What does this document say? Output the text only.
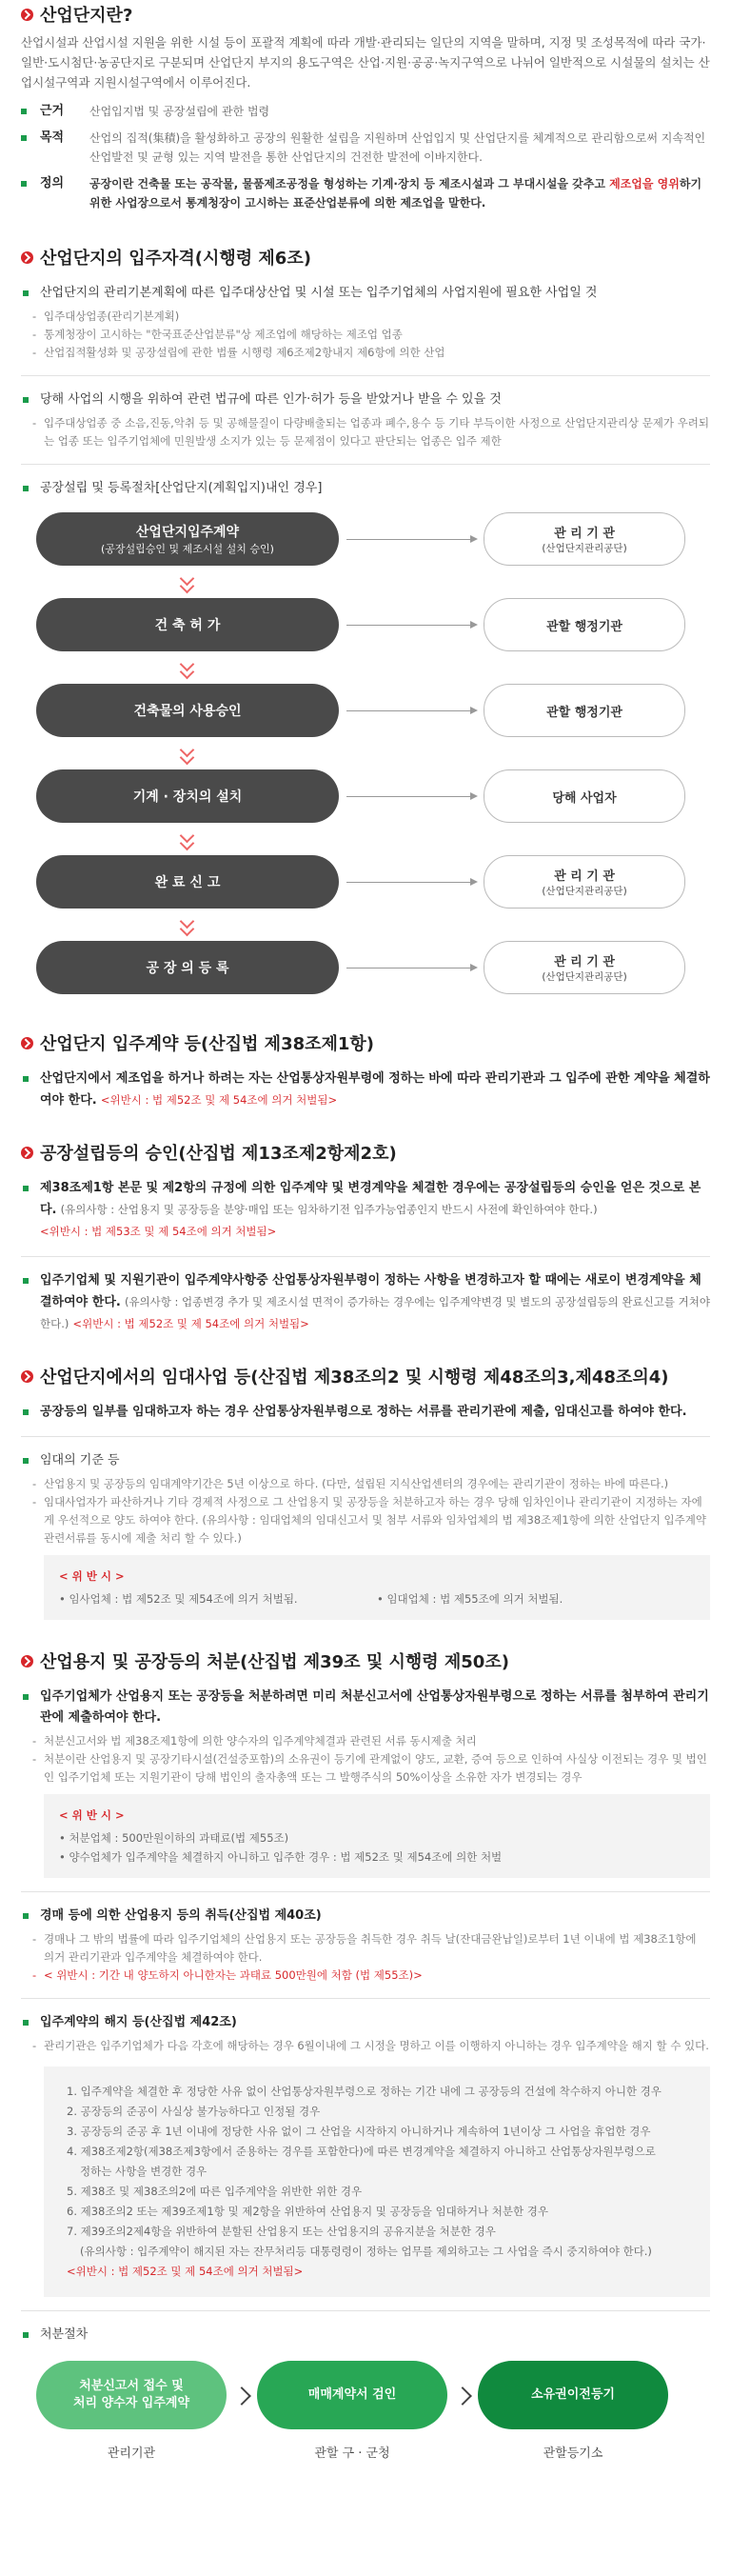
산업단지란?
산업시설과 산업시설 지원을 위한 시설 등이 포괄적 계획에 따라 개발·관리되는 일단의 지역을 말하며, 지정 및 조성목적에 따라 국가·일반·도시첨단·농공단지로 구분되며 산업단지 부지의 용도구역은 산업·지원·공공·녹지구역으로 나뉘어 일반적으로 시설물의 설치는 산업시설구역과 지원시설구역에서 이루어진다.
근거	산업입지법 및 공장설립에 관한 법령
목적	산업의 집적(集積)을 활성화하고 공장의 원활한 설립을 지원하며 산업입지 및 산업단지를 체계적으로 관리함으로써 지속적인 산업발전 및 균형 있는 지역 발전을 통한 산업단지의 건전한 발전에 이바지한다.
정의	공장이란 건축물 또는 공작물, 물품제조공정을 형성하는 기계·장치 등 제조시설과 그 부대시설을 갖추고 제조업을 영위하기 위한 사업장으로서 통계청장이 고시하는 표준산업분류에 의한 제조업을 말한다.
산업단지의 입주자격(시행령 제6조)
산업단지의 관리기본계획에 따른 입주대상산업 및 시설 또는 입주기업체의 사업지원에 필요한 사업일 것
- 입주대상업종(관리기본계획)
- 통계청장이 고시하는 "한국표준산업분류"상 제조업에 해당하는 제조업 업종
- 산업집적활성화 및 공장설립에 관한 법률 시행령 제6조제2항내지 제6항에 의한 산업
당해 사업의 시행을 위하여 관련 법규에 따른 인가·허가 등을 받았거나 받을 수 있을 것
- 입주대상업종 중 소음,진동,악취 등 및 공해물질이 다량배출되는 업종과 폐수,용수 등 기타 부득이한 사정으로 산업단지관리상 문제가 우려되는 업종 또는 입주기업체에 민원발생 소지가 있는 등 문제점이 있다고 판단되는 업종은 입주 제한
공장설립 및 등록절차[산업단지(계획입지)내인 경우]
산업단지입주계약
(공장설립승인 및 제조시설 설치 승인)
관 리 기 관
(산업단지관리공단)
건 축 허 가	관할 행정기관
건축물의 사용승인	관할 행정기관
기계 · 장치의 설치	당해 사업자
완 료 신 고	관 리 기 관
(산업단지관리공단)
공 장 의 등 록	관 리 기 관
(산업단지관리공단)
산업단지 입주계약 등(산집법 제38조제1항)
산업단지에서 제조업을 하거나 하려는 자는 산업통상자원부령에 정하는 바에 따라 관리기관과 그 입주에 관한 계약을 체결하여야 한다. <위반시 : 법 제52조 및 제 54조에 의거 처벌됨>
공장설립등의 승인(산집법 제13조제2항제2호)
제38조제1항 본문 및 제2항의 규정에 의한 입주계약 및 변경계약을 체결한 경우에는 공장설립등의 승인을 얻은 것으로 본다. (유의사항 : 산업용지 및 공장등을 분양·매입 또는 임차하기전 입주가능업종인지 반드시 사전에 확인하여야 한다.)
<위반시 : 법 제53조 및 제 54조에 의거 처벌됨>
입주기업체 및 지원기관이 입주계약사항중 산업통상자원부령이 정하는 사항을 변경하고자 할 때에는 새로이 변경계약을 체결하여야 한다. (유의사항 : 업종변경 추가 및 제조시설 면적이 증가하는 경우에는 입주계약변경 및 별도의 공장설립등의 완료신고를 거쳐야한다.) <위반시 : 법 제52조 및 제 54조에 의거 처벌됨>
산업단지에서의 임대사업 등(산집법 제38조의2 및 시행령 제48조의3,제48조의4)
공장등의 일부를 임대하고자 하는 경우 산업통상자원부령으로 정하는 서류를 관리기관에 제출, 임대신고를 하여야 한다.
임대의 기준 등
- 산업용지 및 공장등의 임대계약기간은 5년 이상으로 하다. (다만, 설립된 지식산업센터의 경우에는 관리기관이 정하는 바에 따른다.)
- 임대사업자가 파산하거나 기타 경제적 사정으로 그 산업용지 및 공장등을 처분하고자 하는 경우 당해 임차인이나 관리기관이 지정하는 자에게 우선적으로 양도 하여야 한다. (유의사항 : 임대업체의 임대신고서 및 첨부 서류와 임차업체의 법 제38조제1항에 의한 산업단지 입주계약관련서류를 동시에 제출 처리 할 수 있다.)
< 위 반 시 >
• 임사업체 : 법 제52조 및 제54조에 의거 처벌됨.
•	임대업체 : 법 제55조에 의거 처벌됨.
산업용지 및 공장등의 처분(산집법 제39조 및 시행령 제50조)
입주기업체가 산업용지 또는 공장등을 처분하려면 미리 처분신고서에 산업통상자원부령으로 정하는 서류를 첨부하여 관리기관에 제출하여야 한다.
- 처분신고서와 법 제38조제1항에 의한 양수자의 입주계약체결과 관련된 서류 동시제출 처리
- 처분이란 산업용지 및 공장기타시설(건설중포함)의 소유권이 등기에 관계없이 양도, 교환, 증여 등으로 인하여 사실상 이전되는 경우 및 법인인 입주기업체 또는 지원기관이 당해 법인의 출자총액 또는 그 발행주식의 50%이상을 소유한 자가 변경되는 경우
< 위 반 시 >
• 처분업체 : 500만원이하의 과태료(법 제55조)
• 양수업체가 입주계약을 체결하지 아니하고 입주한 경우 : 법 제52조 및 제54조에 의한 처벌
경매 등에 의한 산업용지 등의 취득(산집법 제40조)
- 경매나 그 밖의 법률에 따라 입주기업체의 산업용지 또는 공장등을 취득한 경우 취득 날(잔대금완납일)로부터 1년 이내에 법 제38조1항에 의거 관리기관과 입주계약을 체결하여야 한다.
- < 위반시 : 기간 내 양도하지 아니한자는 과태료 500만원에 처함 (법 제55조)>
입주계약의 해지 등(산집법 제42조)
- 관리기관은 입주기업체가 다음 각호에 해당하는 경우 6월이내에 그 시정을 명하고 이를 이행하지 아니하는 경우 입주계약을 해지 할 수 있다.
1. 입주계약을 체결한 후 정당한 사유 없이 산업통상자원부령으로 정하는 기간 내에 그 공장등의 건설에 착수하지 아니한 경우
2. 공장등의 준공이 사실상 불가능하다고 인정될 경우
3. 공장등의 준공 후 1년 이내에 정당한 사유 없이 그 산업을 시작하지 아니하거나 계속하여 1년이상 그 사업을 휴업한 경우
4. 제38조제2항(제38조제3항에서 준용하는 경우를 포함한다)에 따른 변경계약을 체결하지 아니하고 산업통상자원부령으로
정하는 사항을 변경한 경우
5. 제38조 및 제38조의2에 따른 입주계약을 위반한 위한 경우
6. 제38조의2 또는 제39조제1항 및 제2항을 위반하여 산업용지 및 공장등을 임대하거나 처분한 경우
7. 제39조의2제4항을 위반하여 분할된 산업용지 또는 산업용지의 공유지분을 처분한 경우
(유의사항 : 입주계약이 해지된 자는 잔무처리등 대통령령이 정하는 업무를 제외하고는 그 사업을 즉시 중지하여야 한다.)
<위반시 : 법 제52조 및 제 54조에 의거 처벌됨>
처분절차
처분신고서 접수 및
처리 양수자 입주계약
관리기관
매매계약서 검인
관할 구 · 군청
소유권이전등기
관할등기소
